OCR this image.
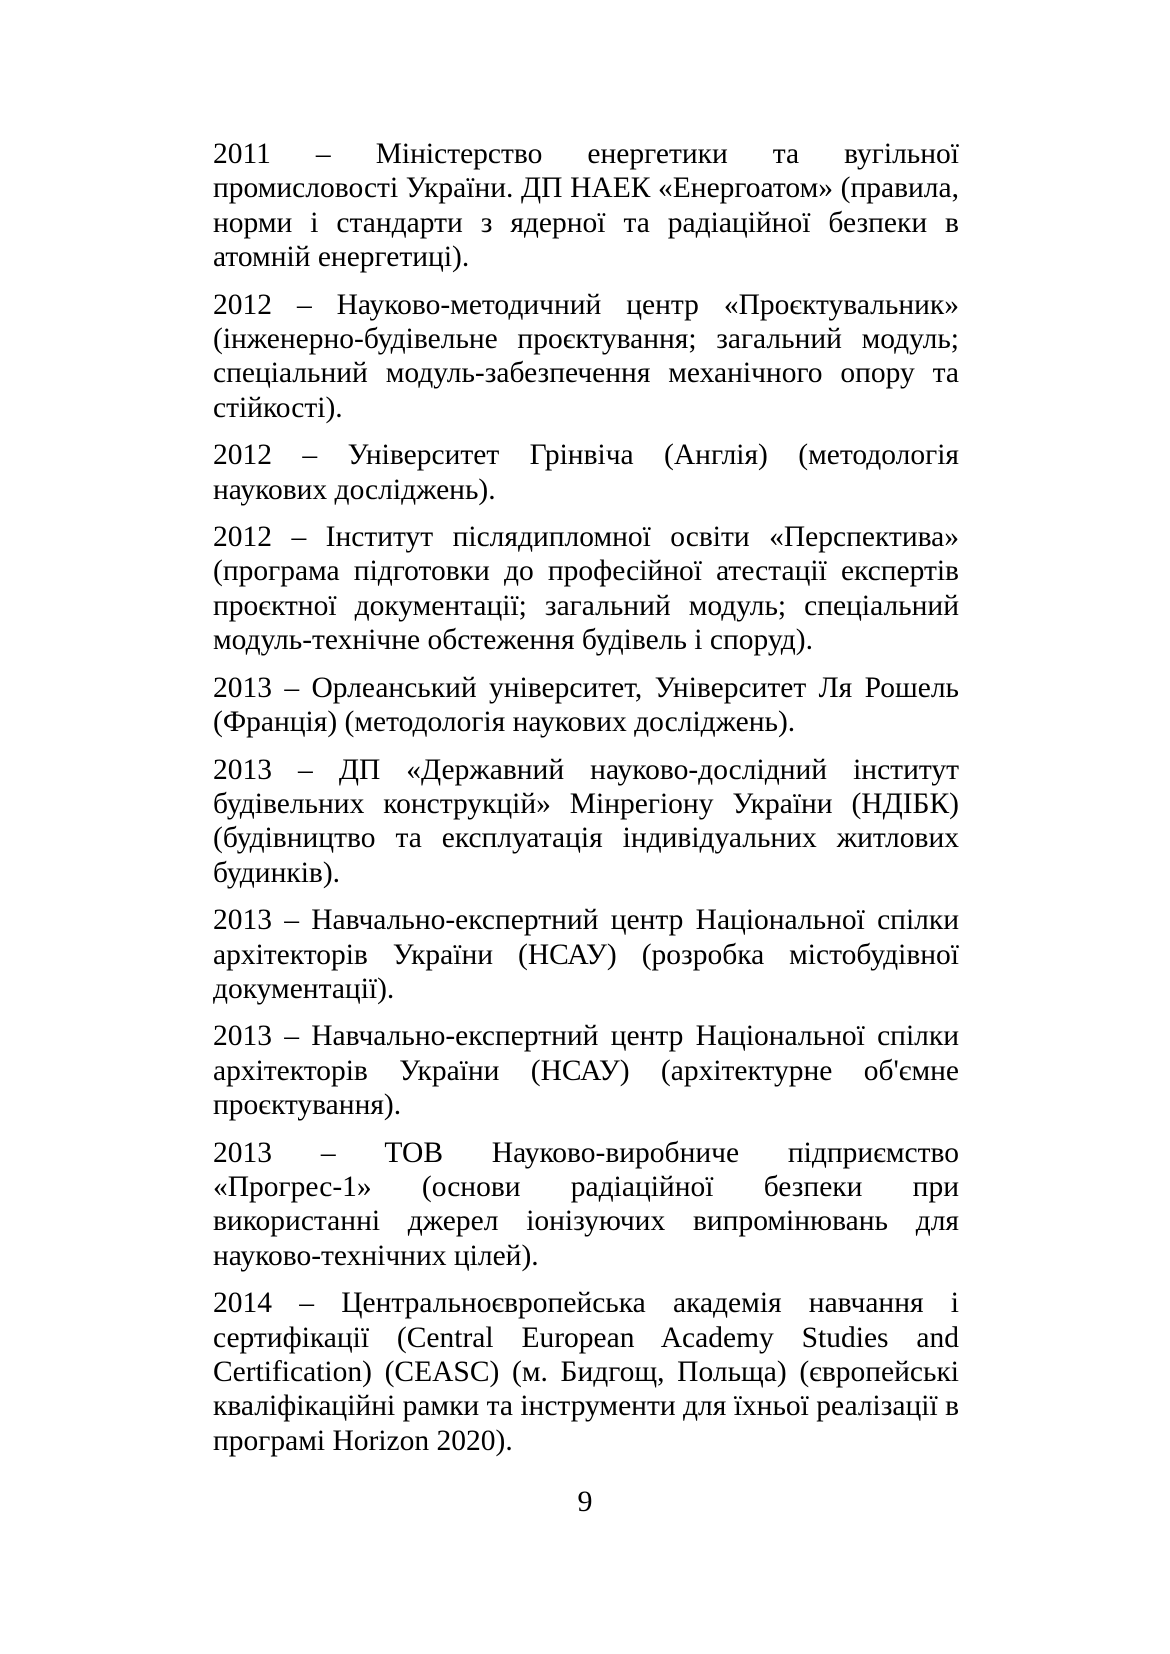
2011 – Міністерство енергетики та вугільної промисловості України. ДП НАЕК «Енергоатом» (правила, норми і стандарти з ядерної та радіаційної безпеки в атомній енергетиці).

2012 – Науково-методичний центр «Проєктувальник» (інженерно-будівельне проєктування; загальний модуль; спеціальний модуль-забезпечення механічного опору та стійкості).

2012 – Університет Грінвіча (Англія) (методологія наукових досліджень).

2012 – Інститут післядипломної освіти «Перспектива» (програма підготовки до професійної атестації експертів проєктної документації; загальний модуль; спеціальний модуль-технічне обстеження будівель і споруд).

2013 – Орлеанський університет, Університет Ля Рошель (Франція) (методологія наукових досліджень).

2013 – ДП «Державний науково-дослідний інститут будівельних конструкцій» Мінрегіону України (НДІБК) (будівництво та експлуатація індивідуальних житлових будинків).

2013 – Навчально-експертний центр Національної спілки архітекторів України (НСАУ) (розробка містобудівної документації).

2013 – Навчально-експертний центр Національної спілки архітекторів України (НСАУ) (архітектурне об'ємне проєктування).

2013 – ТОВ Науково-виробниче підприємство «Прогрес-1» (основи радіаційної безпеки при використанні джерел іонізуючих випромінювань для науково-технічних цілей).

2014 – Центральноєвропейська академія навчання і сертифікації (Central European Academy Studies and Certification) (CEASC) (м. Бидгощ, Польща) (європейські кваліфікаційні рамки та інструменти для їхньої реалізації в програмі Horizon 2020).

9
